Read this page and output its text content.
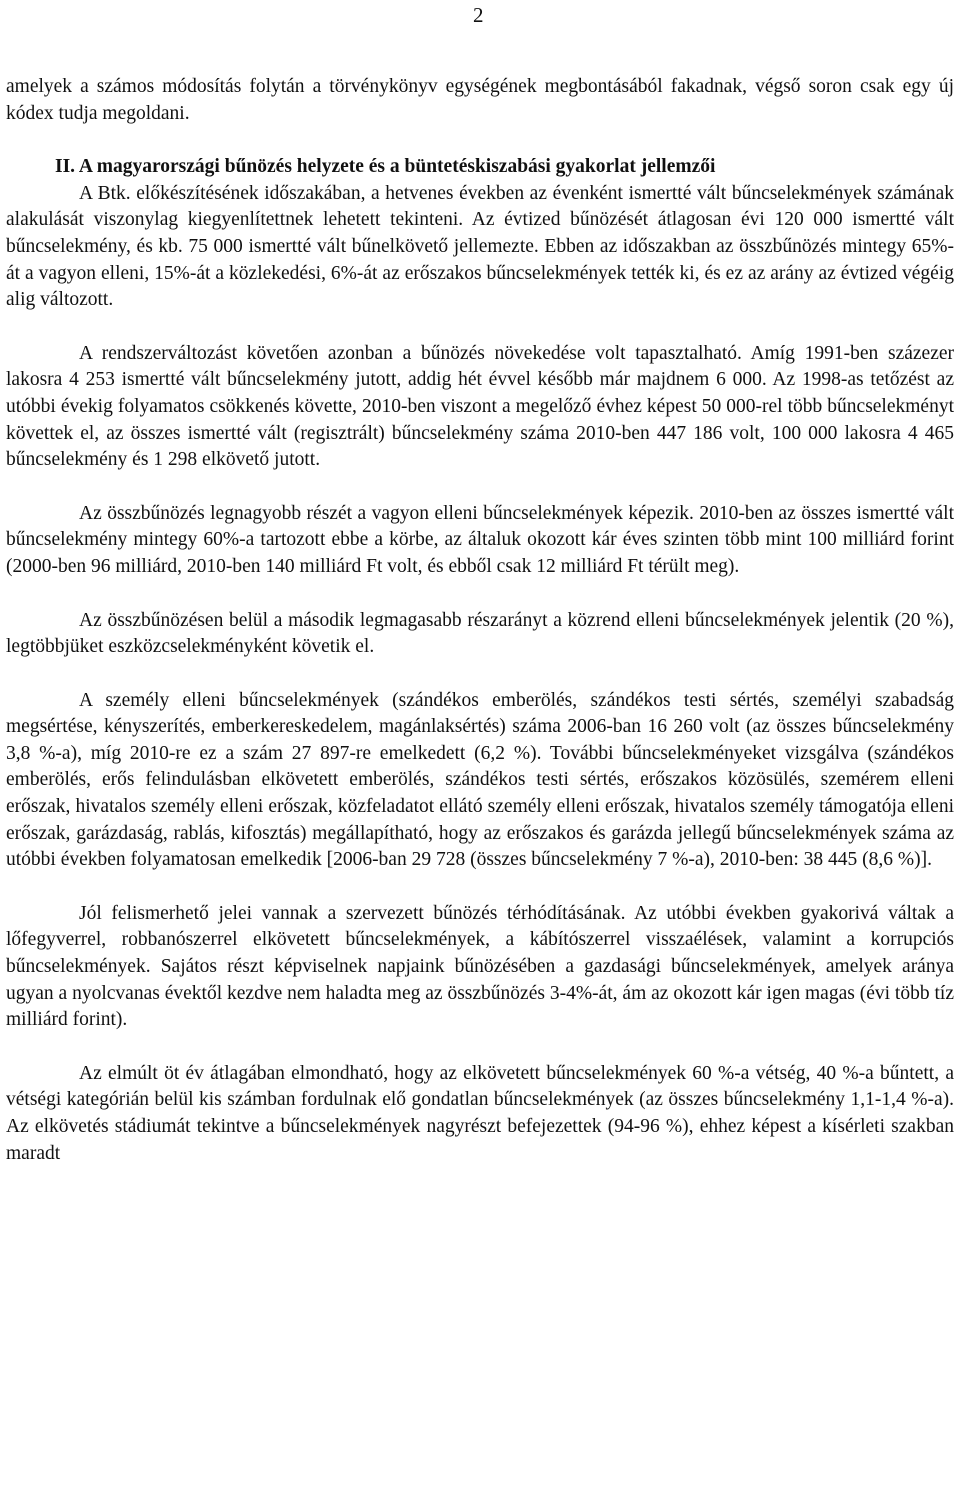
2

amelyek a számos módosítás folytán a törvénykönyv egységének megbontásából fakadnak, végső soron csak egy új kódex tudja megoldani.

II. A magyarországi bűnözés helyzete és a büntetéskiszabási gyakorlat jellemzői

A Btk. előkészítésének időszakában, a hetvenes években az évenként ismertté vált bűncselekmények számának alakulását viszonylag kiegyenlítettnek lehetett tekinteni. Az évtized bűnözését átlagosan évi 120 000 ismertté vált bűncselekmény, és kb. 75 000 ismertté vált bűnelkövető jellemezte. Ebben az időszakban az összbűnözés mintegy 65%-át a vagyon elleni, 15%-át a közlekedési, 6%-át az erőszakos bűncselekmények tették ki, és ez az arány az évtized végéig alig változott.

A rendszerváltozást követően azonban a bűnözés növekedése volt tapasztalható. Amíg 1991-ben százezer lakosra 4 253 ismertté vált bűncselekmény jutott, addig hét évvel később már majdnem 6 000. Az 1998-as tetőzést az utóbbi évekig folyamatos csökkenés követte, 2010-ben viszont a megelőző évhez képest 50 000-rel több bűncselekményt követtek el, az összes ismertté vált (regisztrált) bűncselekmény száma 2010-ben 447 186 volt, 100 000 lakosra 4 465 bűncselekmény és 1 298 elkövető jutott.

Az összbűnözés legnagyobb részét a vagyon elleni bűncselekmények képezik. 2010-ben az összes ismertté vált bűncselekmény mintegy 60%-a tartozott ebbe a körbe, az általuk okozott kár éves szinten több mint 100 milliárd forint (2000-ben 96 milliárd, 2010-ben 140 milliárd Ft volt, és ebből csak 12 milliárd Ft térült meg).

Az összbűnözésen belül a második legmagasabb részarányt a közrend elleni bűncselekmények jelentik (20 %), legtöbbjüket eszközcselekményként követik el.

A személy elleni bűncselekmények (szándékos emberölés, szándékos testi sértés, személyi szabadság megsértése, kényszerítés, emberkereskedelem, magánlaksértés) száma 2006-ban 16 260 volt (az összes bűncselekmény 3,8 %-a), míg 2010-re ez a szám 27 897-re emelkedett (6,2 %). További bűncselekményeket vizsgálva (szándékos emberölés, erős felindulásban elkövetett emberölés, szándékos testi sértés, erőszakos közösülés, szemérem elleni erőszak, hivatalos személy elleni erőszak, közfeladatot ellátó személy elleni erőszak, hivatalos személy támogatója elleni erőszak, garázdaság, rablás, kifosztás) megállapítható, hogy az erőszakos és garázda jellegű bűncselekmények száma az utóbbi években folyamatosan emelkedik [2006-ban 29 728 (összes bűncselekmény 7 %-a), 2010-ben: 38 445 (8,6 %)].

Jól felismerhető jelei vannak a szervezett bűnözés térhódításának. Az utóbbi években gyakorivá váltak a lőfegyverrel, robbanószerrel elkövetett bűncselekmények, a kábítószerrel visszaélések, valamint a korrupciós bűncselekmények. Sajátos részt képviselnek napjaink bűnözésében a gazdasági bűncselekmények, amelyek aránya ugyan a nyolcvanas évektől kezdve nem haladta meg az összbűnözés 3-4%-át, ám az okozott kár igen magas (évi több tíz milliárd forint).

Az elmúlt öt év átlagában elmondható, hogy az elkövetett bűncselekmények 60 %-a vétség, 40 %-a bűntett, a vétségi kategórián belül kis számban fordulnak elő gondatlan bűncselekmények (az összes bűncselekmény 1,1-1,4 %-a). Az elkövetés stádiumát tekintve a bűncselekmények nagyrészt befejezettek (94-96 %), ehhez képest a kísérleti szakban maradt
